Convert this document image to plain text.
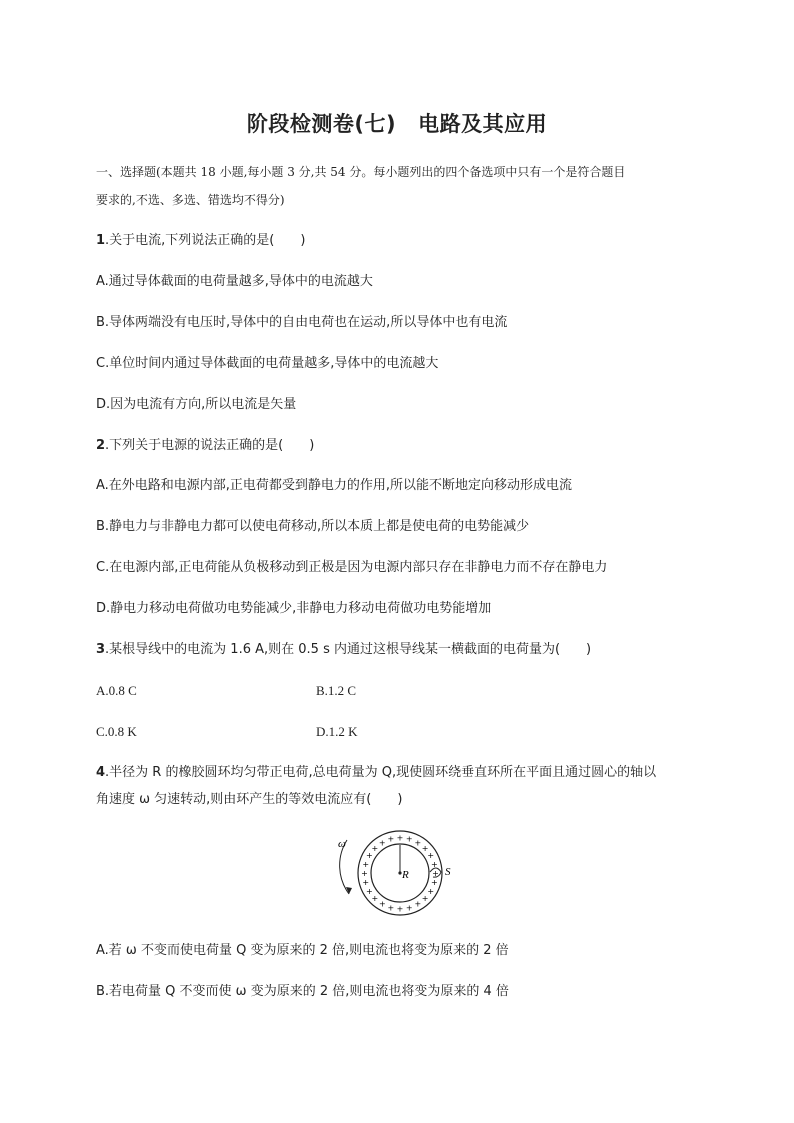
阶段检测卷(七) 电路及其应用
一、选择题(本题共 18 小题,每小题 3 分,共 54 分。每小题列出的四个备选项中只有一个是符合题目
要求的,不选、多选、错选均不得分)
1.关于电流,下列说法正确的是(　　)
A.通过导体截面的电荷量越多,导体中的电流越大
B.导体两端没有电压时,导体中的自由电荷也在运动,所以导体中也有电流
C.单位时间内通过导体截面的电荷量越多,导体中的电流越大
D.因为电流有方向,所以电流是矢量
2.下列关于电源的说法正确的是(　　)
A.在外电路和电源内部,正电荷都受到静电力的作用,所以能不断地定向移动形成电流
B.静电力与非静电力都可以使电荷移动,所以本质上都是使电荷的电势能减少
C.在电源内部,正电荷能从负极移动到正极是因为电源内部只存在非静电力而不存在静电力
D.静电力移动电荷做功电势能减少,非静电力移动电荷做功电势能增加
3.某根导线中的电流为 1.6 A,则在 0.5 s 内通过这根导线某一横截面的电荷量为(　　)
A.0.8 C	B.1.2 C
C.0.8 K	D.1.2 K
4.半径为 R 的橡胶圆环均匀带正电荷,总电荷量为 Q,现使圆环绕垂直环所在平面且通过圆心的轴以
角速度 ω 匀速转动,则由环产生的等效电流应有(　　)
+
+
+
+
+
+
+
+
+
+
+
+
+
+
+
+
+ + + + +
+
+
+
ω
R	S
A.若 ω 不变而使电荷量 Q 变为原来的 2 倍,则电流也将变为原来的 2 倍
B.若电荷量 Q 不变而使 ω 变为原来的 2 倍,则电流也将变为原来的 4 倍
